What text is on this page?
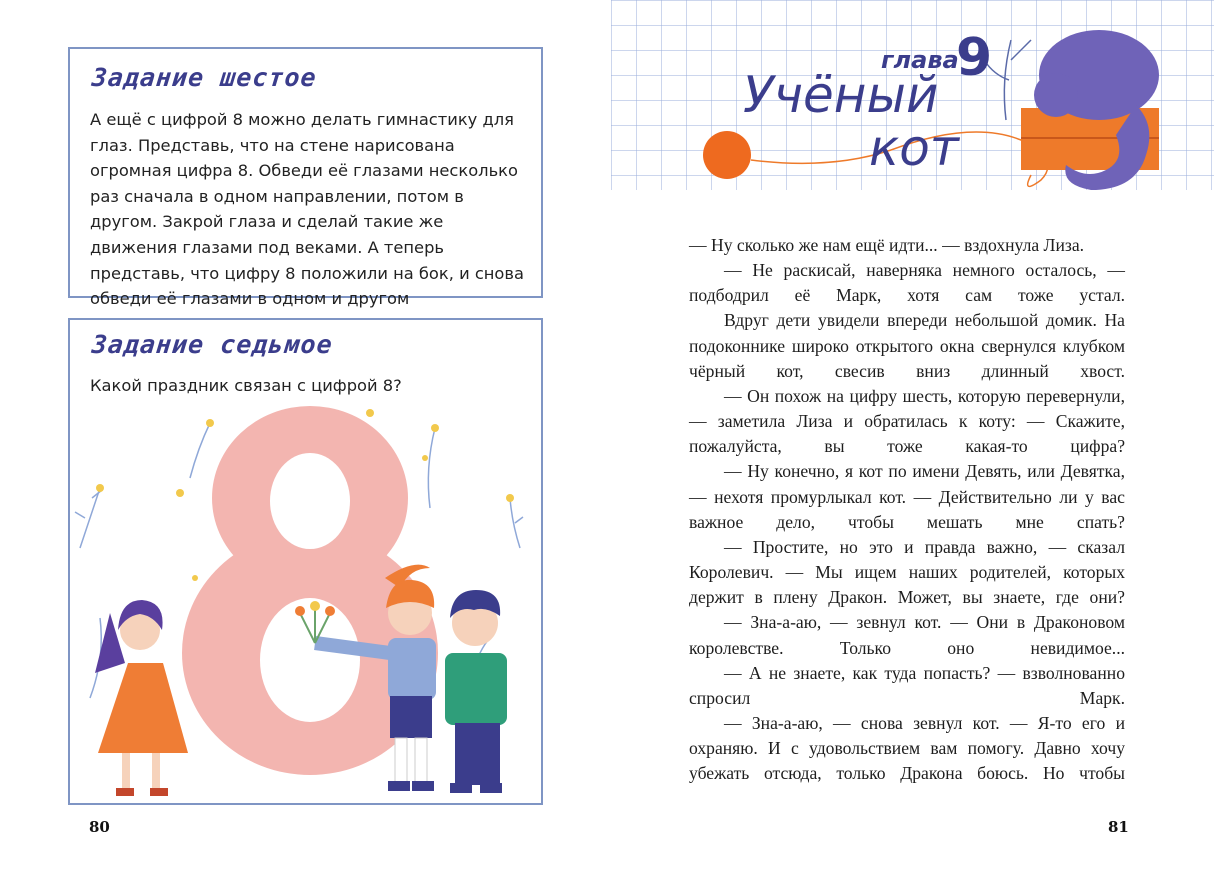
Задание шестое
А ещё с цифрой 8 можно делать гимнастику для глаз. Представь, что на стене нарисована огромная цифра 8. Обведи её глазами несколько раз сначала в одном направлении, потом в другом. Закрой глаза и сделай такие же движения глазами под веками. А теперь представь, что цифру 8 положили на бок, и снова обведи её глазами в одном и другом
Задание седьмое
Какой праздник связан с цифрой 8?
80
глава
9
Учёный
кот

— Ну сколько же нам ещё идти... — вздохнула Лиза.

— Не раскисай, наверняка немного осталось, — подбодрил её Марк, хотя сам тоже устал.

Вдруг дети увидели впереди небольшой домик. На подоконнике широко открытого окна свернулся клубком чёрный кот, свесив вниз длинный хвост.

— Он похож на цифру шесть, которую перевернули, — заметила Лиза и обратилась к коту: — Скажите, пожалуйста, вы тоже какая-то цифра?

— Ну конечно, я кот по имени Девять, или Девятка, — нехотя промурлыкал кот. — Действительно ли у вас важное дело, чтобы мешать мне спать?

— Простите, но это и правда важно, — сказал Королевич. — Мы ищем наших родителей, которых держит в плену Дракон. Может, вы знаете, где они?

— Зна-а-аю, — зевнул кот. — Они в Драконовом королевстве. Только оно невидимое...

— А не знаете, как туда попасть? — взволнованно спросил Марк.

— Зна-а-аю, — снова зевнул кот. — Я-то его и охраняю. И с удовольствием вам помогу. Давно хочу убежать отсюда, только Дракона боюсь. Но чтобы

81
